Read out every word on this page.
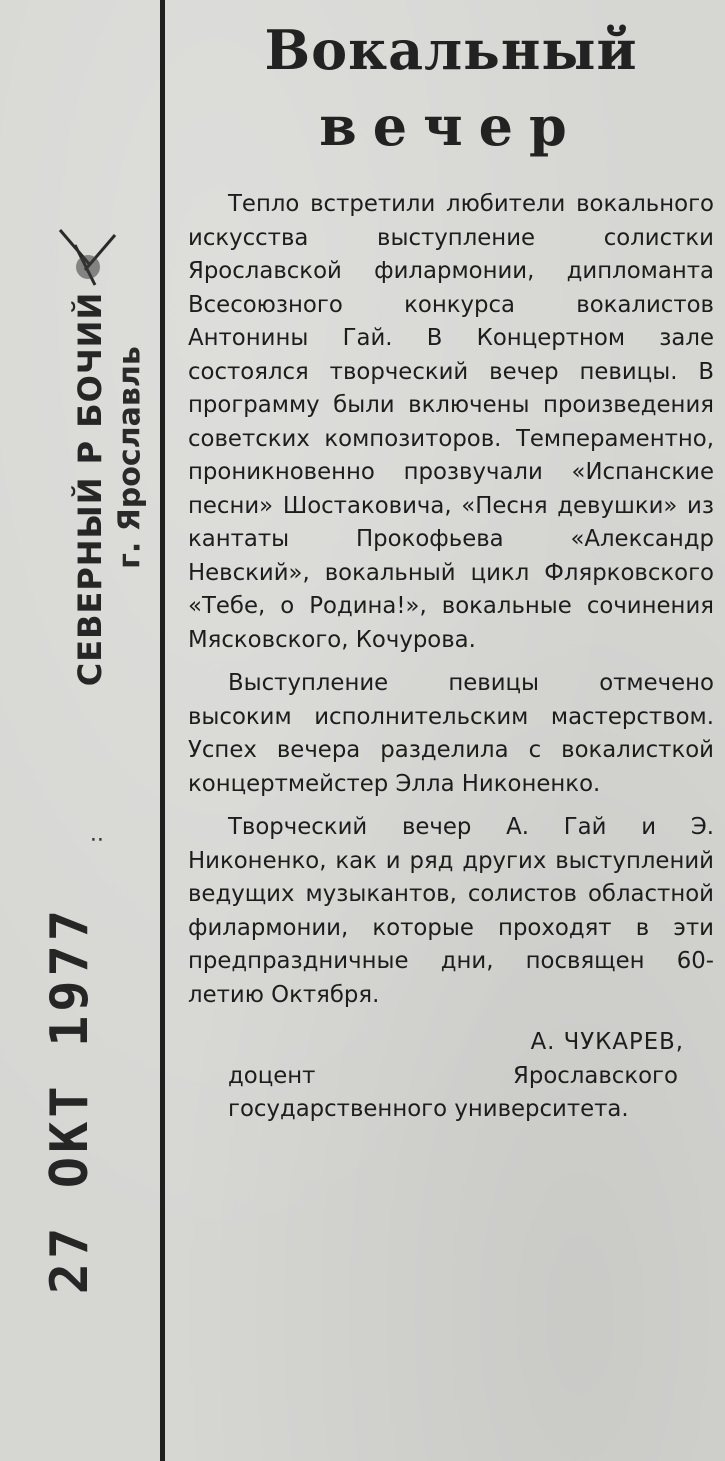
СЕВЕРНЫЙ Р БОЧИЙ г. Ярославль
⋅⋅
27 ОКТ 1977
Вокальный
вечер

Тепло встретили любители вокального искусства выступление солистки Ярославской филармонии, дипломанта Всесоюзного конкурса вокалистов Антонины Гай. В Концертном зале состоялся творческий вечер певицы. В программу были включены произведения советских композиторов. Темпераментно, проникновенно прозвучали «Испанские песни» Шостаковича, «Песня девушки» из кантаты Прокофьева «Александр Невский», вокальный цикл Флярковского «Тебе, о Родина!», вокальные сочинения Мясковского, Кочурова.

Выступление певицы отмечено высоким исполнительским мастерством. Успех вечера разделила с вокалисткой концертмейстер Элла Никоненко.

Творческий вечер А. Гай и Э. Никоненко, как и ряд других выступлений ведущих музыкантов, солистов областной филармонии, которые проходят в эти предпраздничные дни, посвящен 60-летию Октября.

А. ЧУКАРЕВ,

доцент Ярославского государственного университета.
